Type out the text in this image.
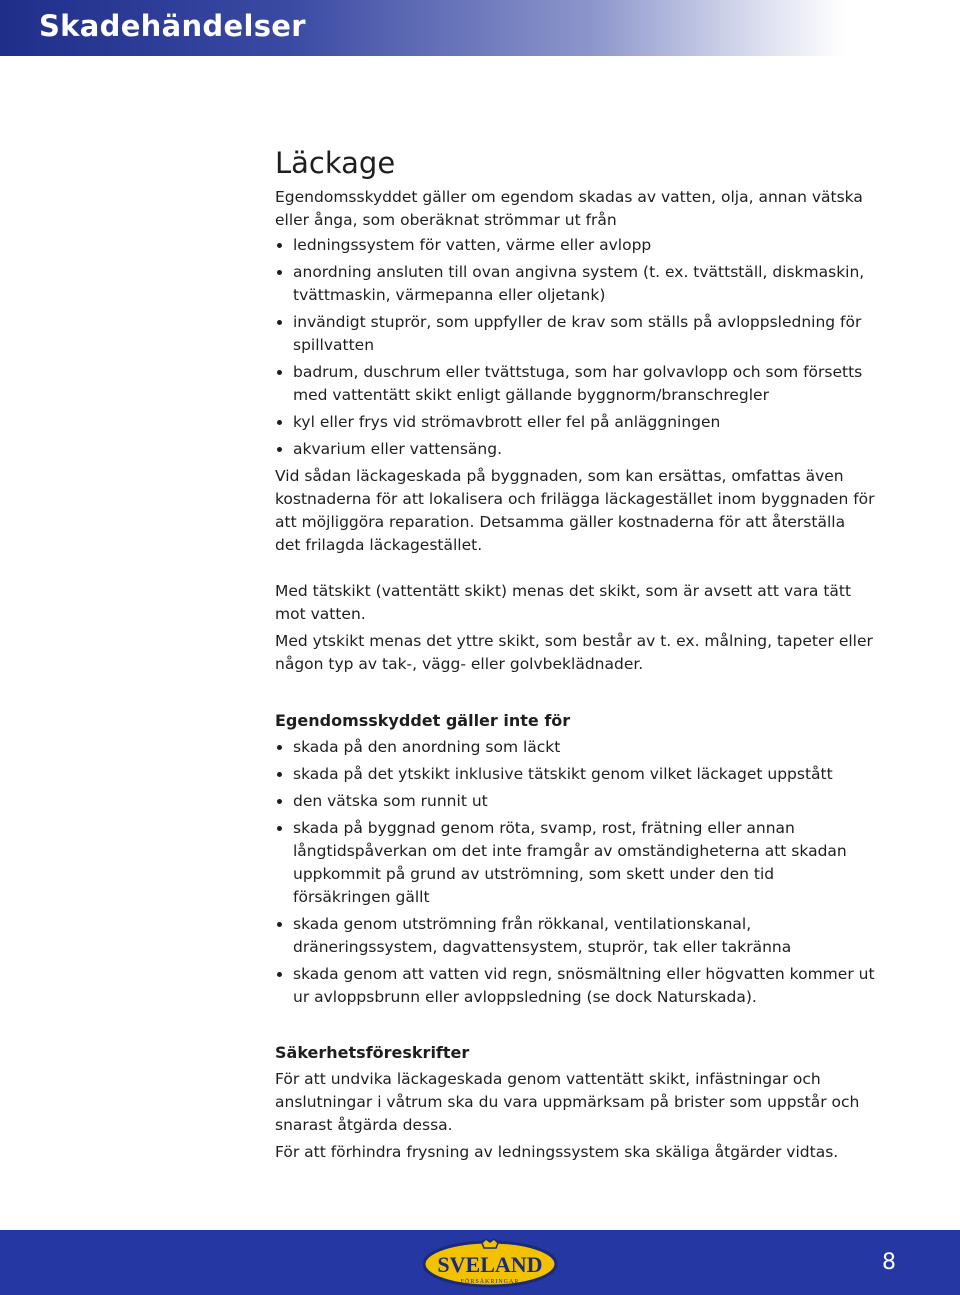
Skadehändelser
Läckage

Egendomsskyddet gäller om egendom skadas av vatten, olja, annan vätska eller ånga, som oberäknat strömmar ut från

ledningssystem för vatten, värme eller avlopp
anordning ansluten till ovan angivna system (t. ex. tvättställ, diskmaskin, tvättmaskin, värmepanna eller oljetank)
invändigt stuprör, som uppfyller de krav som ställs på avloppsledning för spillvatten
badrum, duschrum eller tvättstuga, som har golvavlopp och som försetts med vattentätt skikt enligt gällande byggnorm/branschregler
kyl eller frys vid strömavbrott eller fel på anläggningen
akvarium eller vattensäng.

Vid sådan läckageskada på byggnaden, som kan ersättas, omfattas även kostnaderna för att lokalisera och frilägga läckagestället inom byggnaden för att möjliggöra reparation. Detsamma gäller kostnaderna för att återställa det frilagda läckagestället.

Med tätskikt (vattentätt skikt) menas det skikt, som är avsett att vara tätt mot vatten.

Med ytskikt menas det yttre skikt, som består av t. ex. målning, tapeter eller någon typ av tak-, vägg- eller golvbeklädnader.

Egendomsskyddet gäller inte för
skada på den anordning som läckt
skada på det ytskikt inklusive tätskikt genom vilket läckaget uppstått
den vätska som runnit ut
skada på byggnad genom röta, svamp, rost, frätning eller annan långtidspåverkan om det inte framgår av omständigheterna att skadan uppkommit på grund av utströmning, som skett under den tid försäkringen gällt
skada genom utströmning från rökkanal, ventilationskanal, dräneringssystem, dagvattensystem, stuprör, tak eller takränna
skada genom att vatten vid regn, snösmältning eller högvatten kommer ut ur avloppsbrunn eller avloppsledning (se dock Naturskada).
Säkerhetsföreskrifter

För att undvika läckageskada genom vattentätt skikt, infästningar och anslutningar i våtrum ska du vara uppmärksam på brister som uppstår och snarast åtgärda dessa.

För att förhindra frysning av ledningssystem ska skäliga åtgärder vidtas.

SVELAND
FÖRSÄKRINGAR
8
